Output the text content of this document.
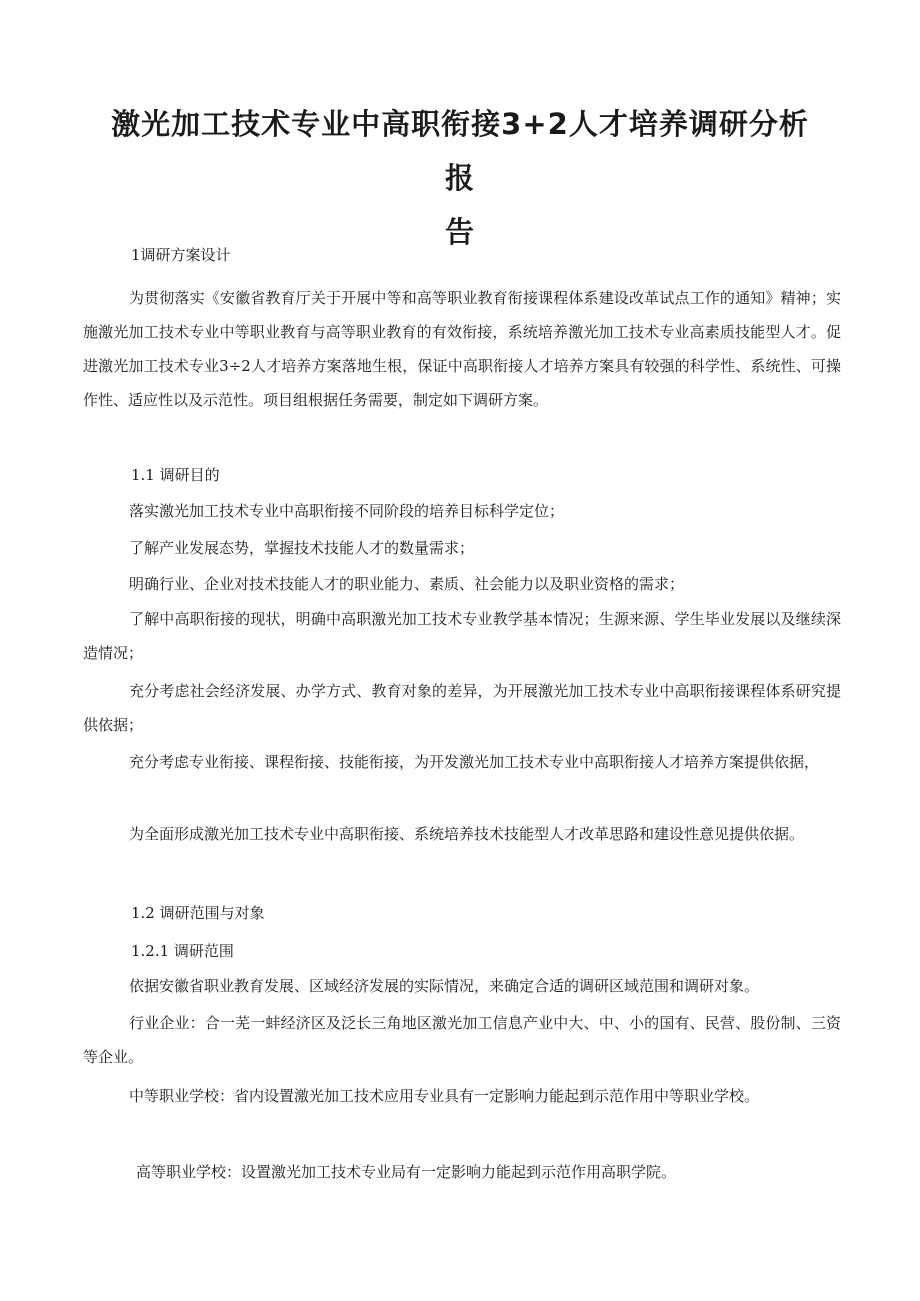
激光加工技术专业中高职衔接3+2人才培养调研分析报
告

1调研方案设计

为贯彻落实《安徽省教育厅关于开展中等和高等职业教育衔接课程体系建设改革试点工作的通知》精神；实施激光加工技术专业中等职业教育与高等职业教育的有效衔接，系统培养激光加工技术专业高素质技能型人才。促进激光加工技术专业3÷2人才培养方案落地生根，保证中高职衔接人才培养方案具有较强的科学性、系统性、可操作性、适应性以及示范性。项目组根据任务需要，制定如下调研方案。

1.1 调研目的

落实激光加工技术专业中高职衔接不同阶段的培养目标科学定位；

了解产业发展态势，掌握技术技能人才的数量需求；

明确行业、企业对技术技能人才的职业能力、素质、社会能力以及职业资格的需求；

了解中高职衔接的现状，明确中高职激光加工技术专业教学基本情况；生源来源、学生毕业发展以及继续深造情况；

充分考虑社会经济发展、办学方式、教育对象的差异，为开展激光加工技术专业中高职衔接课程体系研究提供依据；

充分考虑专业衔接、课程衔接、技能衔接，为开发激光加工技术专业中高职衔接人才培养方案提供依据，

为全面形成激光加工技术专业中高职衔接、系统培养技术技能型人才改革思路和建设性意见提供依据。

1.2 调研范围与对象

1.2.1 调研范围

依据安徽省职业教育发展、区域经济发展的实际情况，来确定合适的调研区域范围和调研对象。

行业企业：合一芜一蚌经济区及泛长三角地区激光加工信息产业中大、中、小的国有、民营、股份制、三资等企业。

中等职业学校：省内设置激光加工技术应用专业具有一定影响力能起到示范作用中等职业学校。

高等职业学校：设置激光加工技术专业局有一定影响力能起到示范作用高职学院。
